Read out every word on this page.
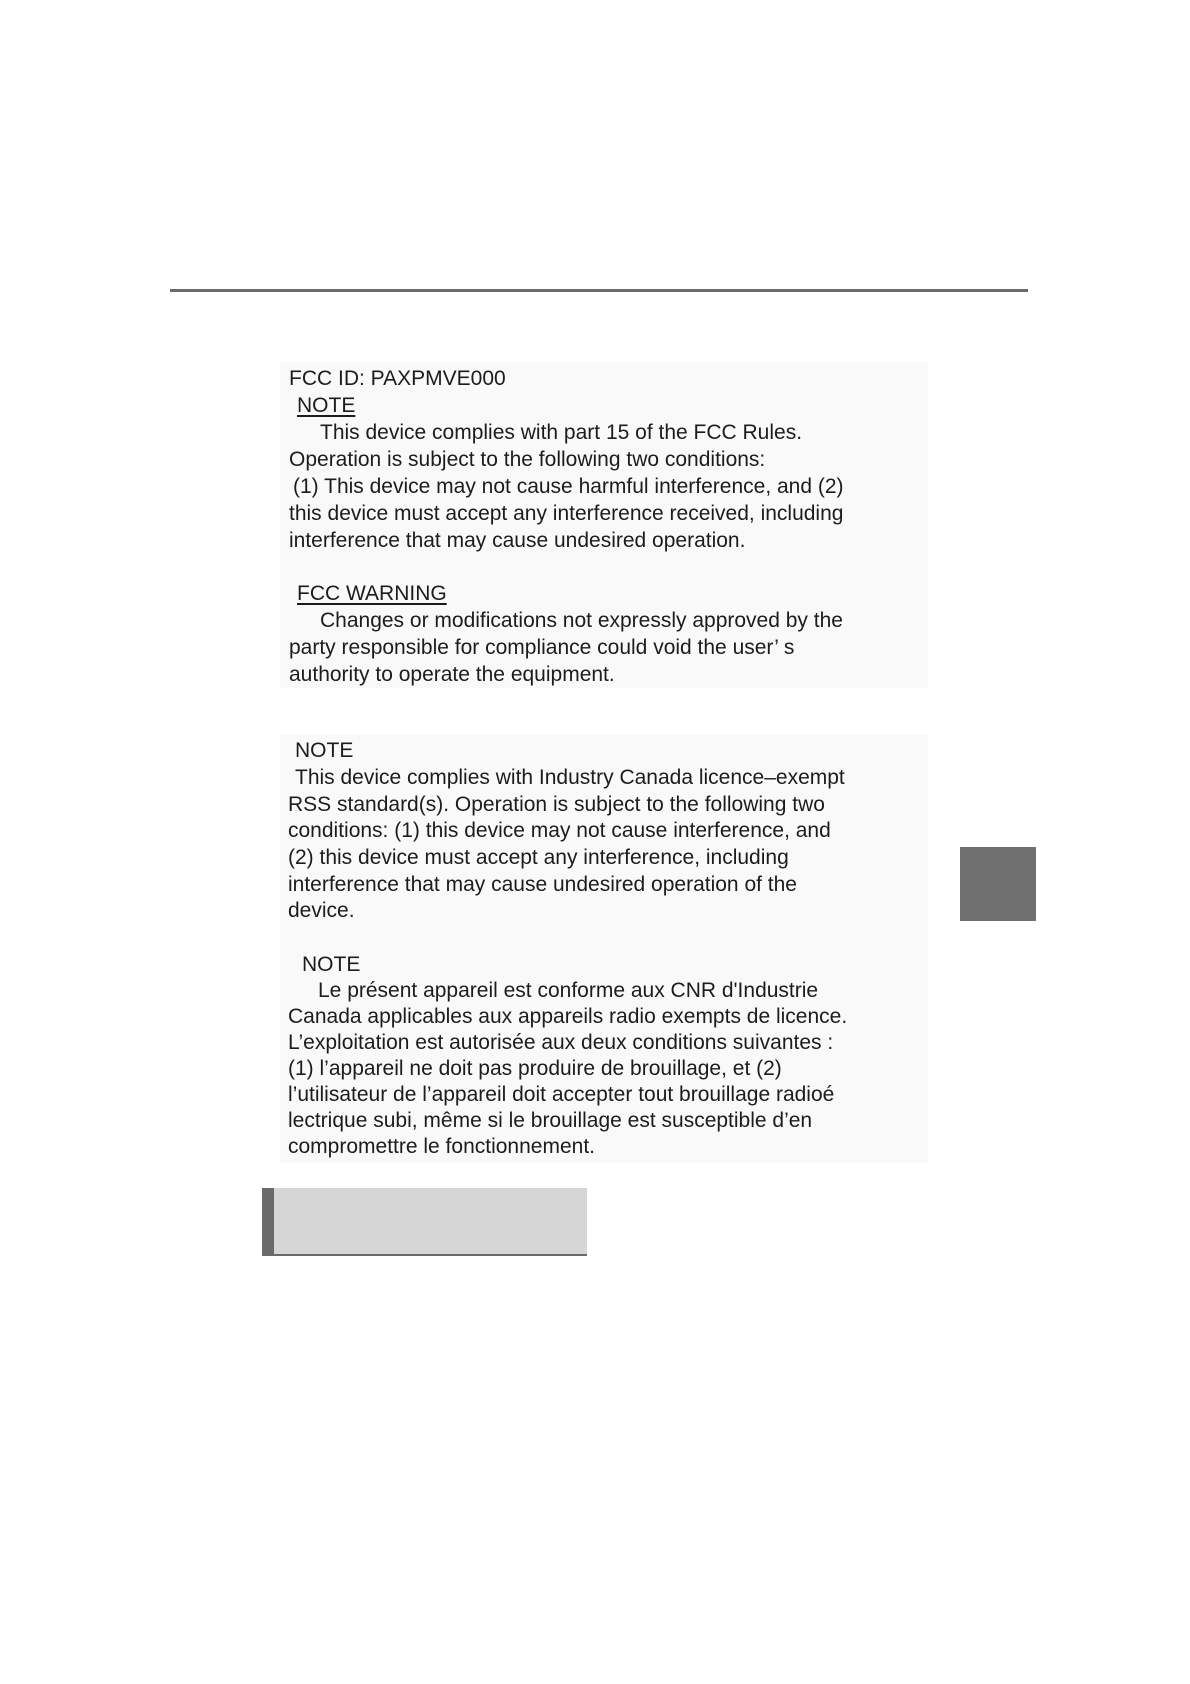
FCC ID: PAXPMVE000
NOTE
This device complies with part 15 of the FCC Rules.
Operation is subject to the following two conditions:
(1) This device may not cause harmful interference, and (2)
this device must accept any interference received, including
interference that may cause undesired operation.
FCC WARNING
Changes or modifications not expressly approved by the
party responsible for compliance could void the user’ s
authority to operate the equipment.
NOTE
This device complies with Industry Canada licence–exempt
RSS standard(s). Operation is subject to the following two
conditions: (1) this device may not cause interference, and
(2) this device must accept any interference, including
interference that may cause undesired operation of the
device.
NOTE
Le présent appareil est conforme aux CNR d'Industrie
Canada applicables aux appareils radio exempts de licence.
L’exploitation est autorisée aux deux conditions suivantes :
(1) l’appareil ne doit pas produire de brouillage, et (2)
l’utilisateur de l’appareil doit accepter tout brouillage radioé
lectrique subi, même si le brouillage est susceptible d’en
compromettre le fonctionnement.
